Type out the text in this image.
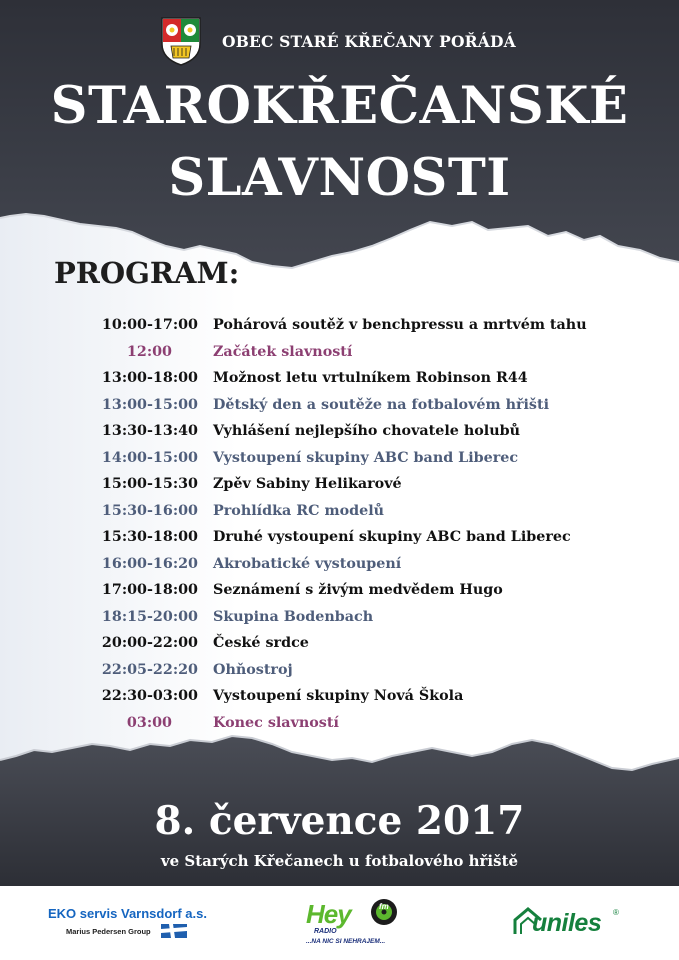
OBEC STARÉ KŘEČANY POŘÁDÁ
STAROKŘEČANSKÉ
SLAVNOSTI
PROGRAM:
10:00-17:00 Pohárová soutěž v benchpressu a mrtvém tahu
12:00	Začátek slavností
13:00-18:00 Možnost letu vrtulníkem Robinson R44
13:00-15:00 Dětský den a soutěže na fotbalovém hřišti
13:30-13:40 Vyhlášení nejlepšího chovatele holubů
14:00-15:00 Vystoupení skupiny ABC band Liberec
15:00-15:30 Zpěv Sabiny Helikarové
15:30-16:00 Prohlídka RC modelů
15:30-18:00 Druhé vystoupení skupiny ABC band Liberec
16:00-16:20 Akrobatické vystoupení
17:00-18:00 Seznámení s živým medvědem Hugo
18:15-20:00 Skupina Bodenbach
20:00-22:00 České srdce
22:05-22:20 Ohňostroj
22:30-03:00 Vystoupení skupiny Nová Škola
03:00	Konec slavností
8. července 2017
ve Starých Křečanech u fotbalového hřiště
EKO servis Varnsdorf a.s.
Marius Pedersen Group
fm
Hey
RADIO
...NA NIC SI NEHRAJEM...
uniles ®
